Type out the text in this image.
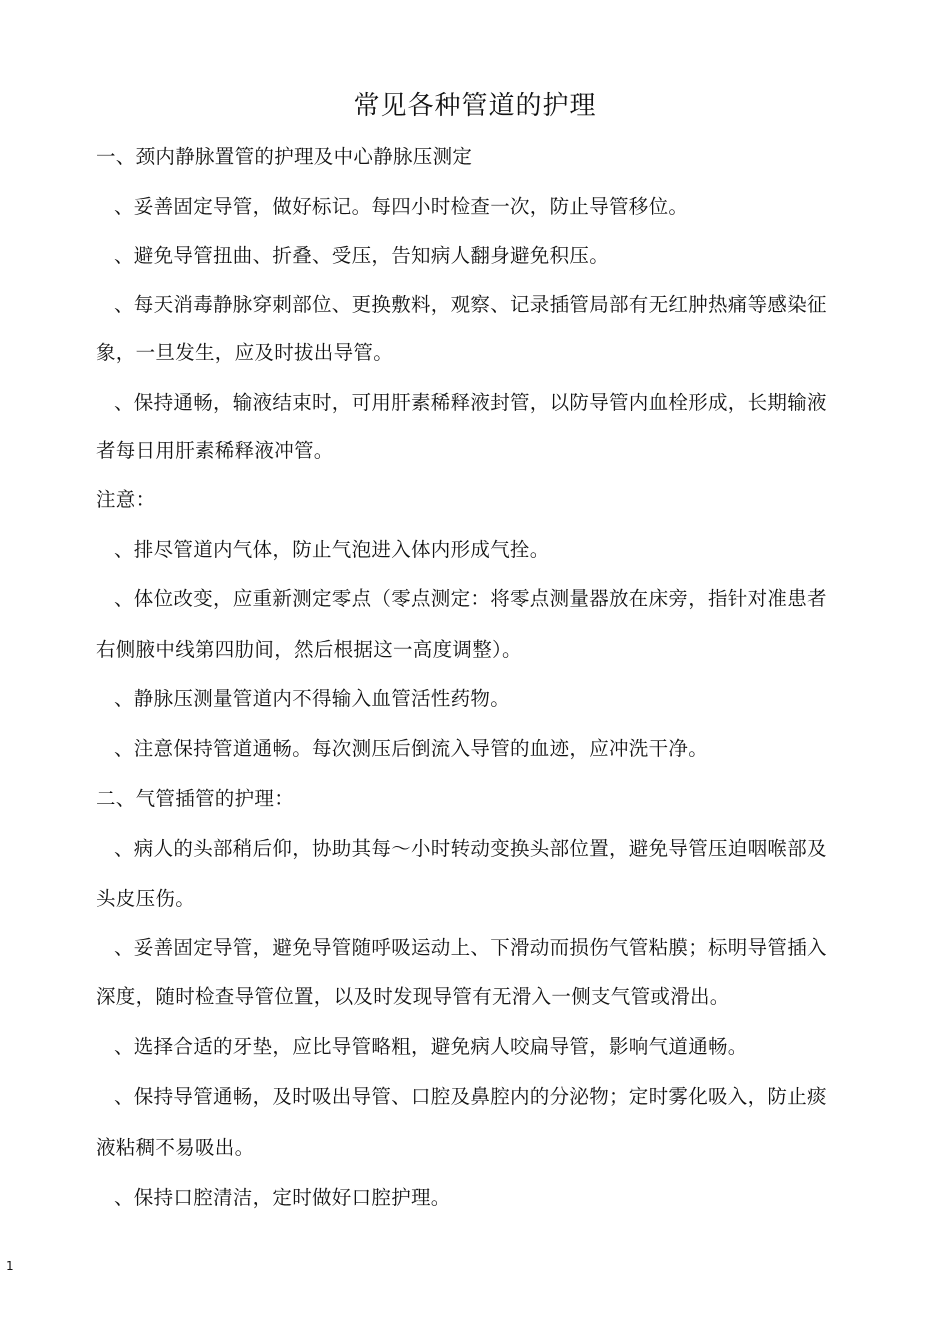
常见各种管道的护理
一、颈内静脉置管的护理及中心静脉压测定
、妥善固定导管，做好标记。每四小时检查一次，防止导管移位。
、避免导管扭曲、折叠、受压，告知病人翻身避免积压。
、每天消毒静脉穿刺部位、更换敷料，观察、记录插管局部有无红肿热痛等感染征
象，一旦发生，应及时拔出导管。
、保持通畅，输液结束时，可用肝素稀释液封管，以防导管内血栓形成，长期输液
者每日用肝素稀释液冲管。
注意：
、排尽管道内气体，防止气泡进入体内形成气拴。
、体位改变，应重新测定零点（零点测定：将零点测量器放在床旁，指针对准患者
右侧腋中线第四肋间，然后根据这一高度调整）。
、静脉压测量管道内不得输入血管活性药物。
、注意保持管道通畅。每次测压后倒流入导管的血迹，应冲洗干净。
二、气管插管的护理：
、病人的头部稍后仰，协助其每～小时转动变换头部位置，避免导管压迫咽喉部及
头皮压伤。
、妥善固定导管，避免导管随呼吸运动上、下滑动而损伤气管粘膜；标明导管插入
深度，随时检查导管位置，以及时发现导管有无滑入一侧支气管或滑出。
、选择合适的牙垫，应比导管略粗，避免病人咬扁导管，影响气道通畅。
、保持导管通畅，及时吸出导管、口腔及鼻腔内的分泌物；定时雾化吸入，防止痰
液粘稠不易吸出。
、保持口腔清洁，定时做好口腔护理。
1
